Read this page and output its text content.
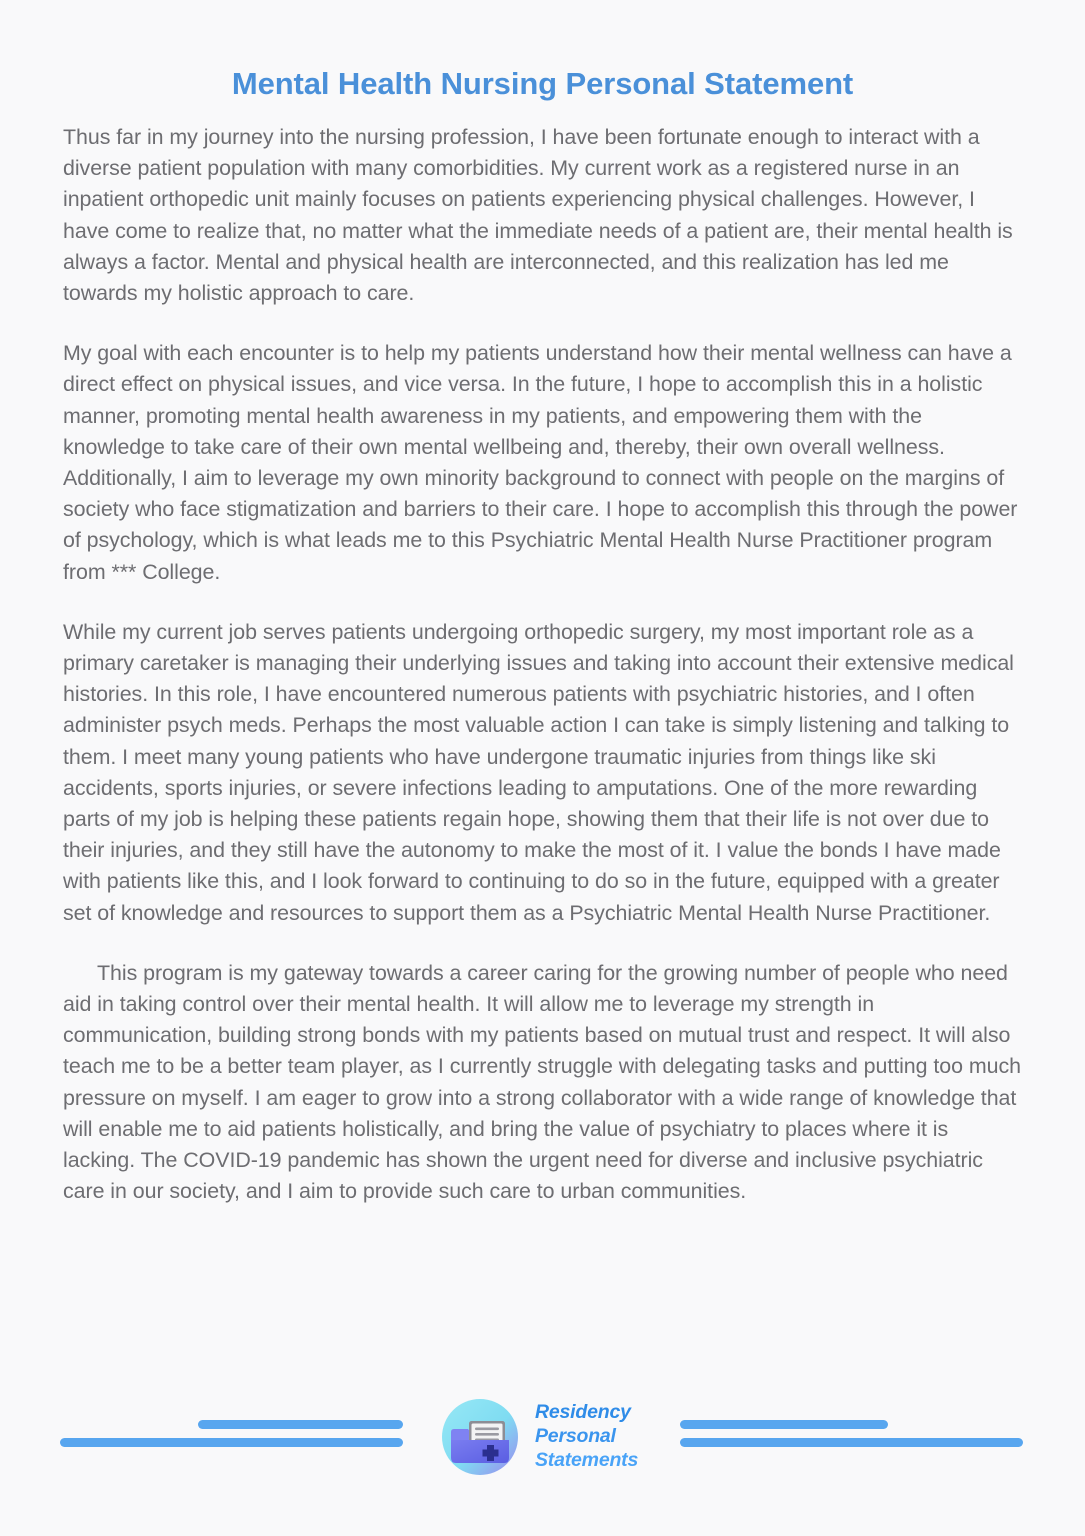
Mental Health Nursing Personal Statement

Thus far in my journey into the nursing profession, I have been fortunate enough to interact with a diverse patient population with many comorbidities. My current work as a registered nurse in an inpatient orthopedic unit mainly focuses on patients experiencing physical challenges. However, I have come to realize that, no matter what the immediate needs of a patient are, their mental health is always a factor. Mental and physical health are interconnected, and this realization has led me towards my holistic approach to care.

My goal with each encounter is to help my patients understand how their mental wellness can have a direct effect on physical issues, and vice versa. In the future, I hope to accomplish this in a holistic manner, promoting mental health awareness in my patients, and empowering them with the knowledge to take care of their own mental wellbeing and, thereby, their own overall wellness. Additionally, I aim to leverage my own minority background to connect with people on the margins of society who face stigmatization and barriers to their care. I hope to accomplish this through the power of psychology, which is what leads me to this Psychiatric Mental Health Nurse Practitioner program from *** College.

While my current job serves patients undergoing orthopedic surgery, my most important role as a primary caretaker is managing their underlying issues and taking into account their extensive medical histories. In this role, I have encountered numerous patients with psychiatric histories, and I often administer psych meds. Perhaps the most valuable action I can take is simply listening and talking to them. I meet many young patients who have undergone traumatic injuries from things like ski accidents, sports injuries, or severe infections leading to amputations. One of the more rewarding parts of my job is helping these patients regain hope, showing them that their life is not over due to their injuries, and they still have the autonomy to make the most of it. I value the bonds I have made with patients like this, and I look forward to continuing to do so in the future, equipped with a greater set of knowledge and resources to support them as a Psychiatric Mental Health Nurse Practitioner.

This program is my gateway towards a career caring for the growing number of people who need aid in taking control over their mental health. It will allow me to leverage my strength in communication, building strong bonds with my patients based on mutual trust and respect. It will also teach me to be a better team player, as I currently struggle with delegating tasks and putting too much pressure on myself. I am eager to grow into a strong collaborator with a wide range of knowledge that will enable me to aid patients holistically, and bring the value of psychiatry to places where it is lacking. The COVID-19 pandemic has shown the urgent need for diverse and inclusive psychiatric care in our society, and I aim to provide such care to urban communities.

Residency
Personal
Statements
